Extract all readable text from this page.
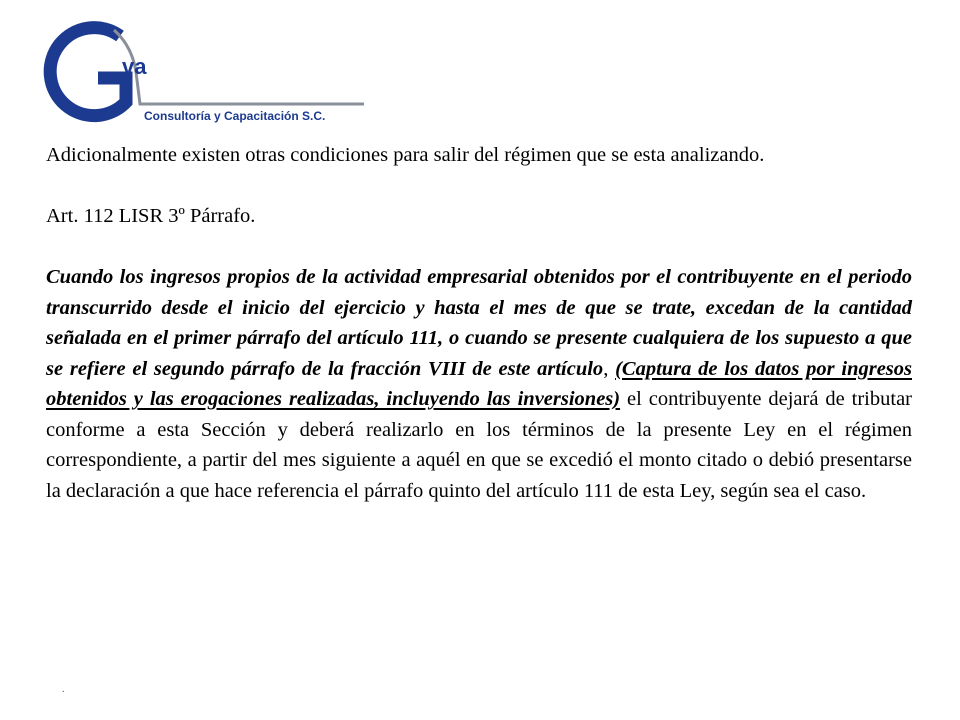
va
Consultoría y Capacitación S.C.

Adicionalmente existen otras condiciones para salir del régimen que se esta analizando.

Art. 112 LISR 3º Párrafo.

Cuando los ingresos propios de la actividad empresarial obtenidos por el contribuyente en el periodo transcurrido desde el inicio del ejercicio y hasta el mes de que se trate, excedan de la cantidad señalada en el primer párrafo del artículo 111, o cuando se presente cualquiera de los supuesto a que se refiere el segundo párrafo de la fracción VIII de este artículo, (Captura de los datos por ingresos obtenidos y las erogaciones realizadas, incluyendo las inversiones) el contribuyente dejará de tributar conforme a esta Sección y deberá realizarlo en los términos de la presente Ley en el régimen correspondiente, a partir del mes siguiente a aquél en que se excedió el monto citado o debió presentarse la declaración a que hace referencia el párrafo quinto del artículo 111 de esta Ley, según sea el caso.

.
